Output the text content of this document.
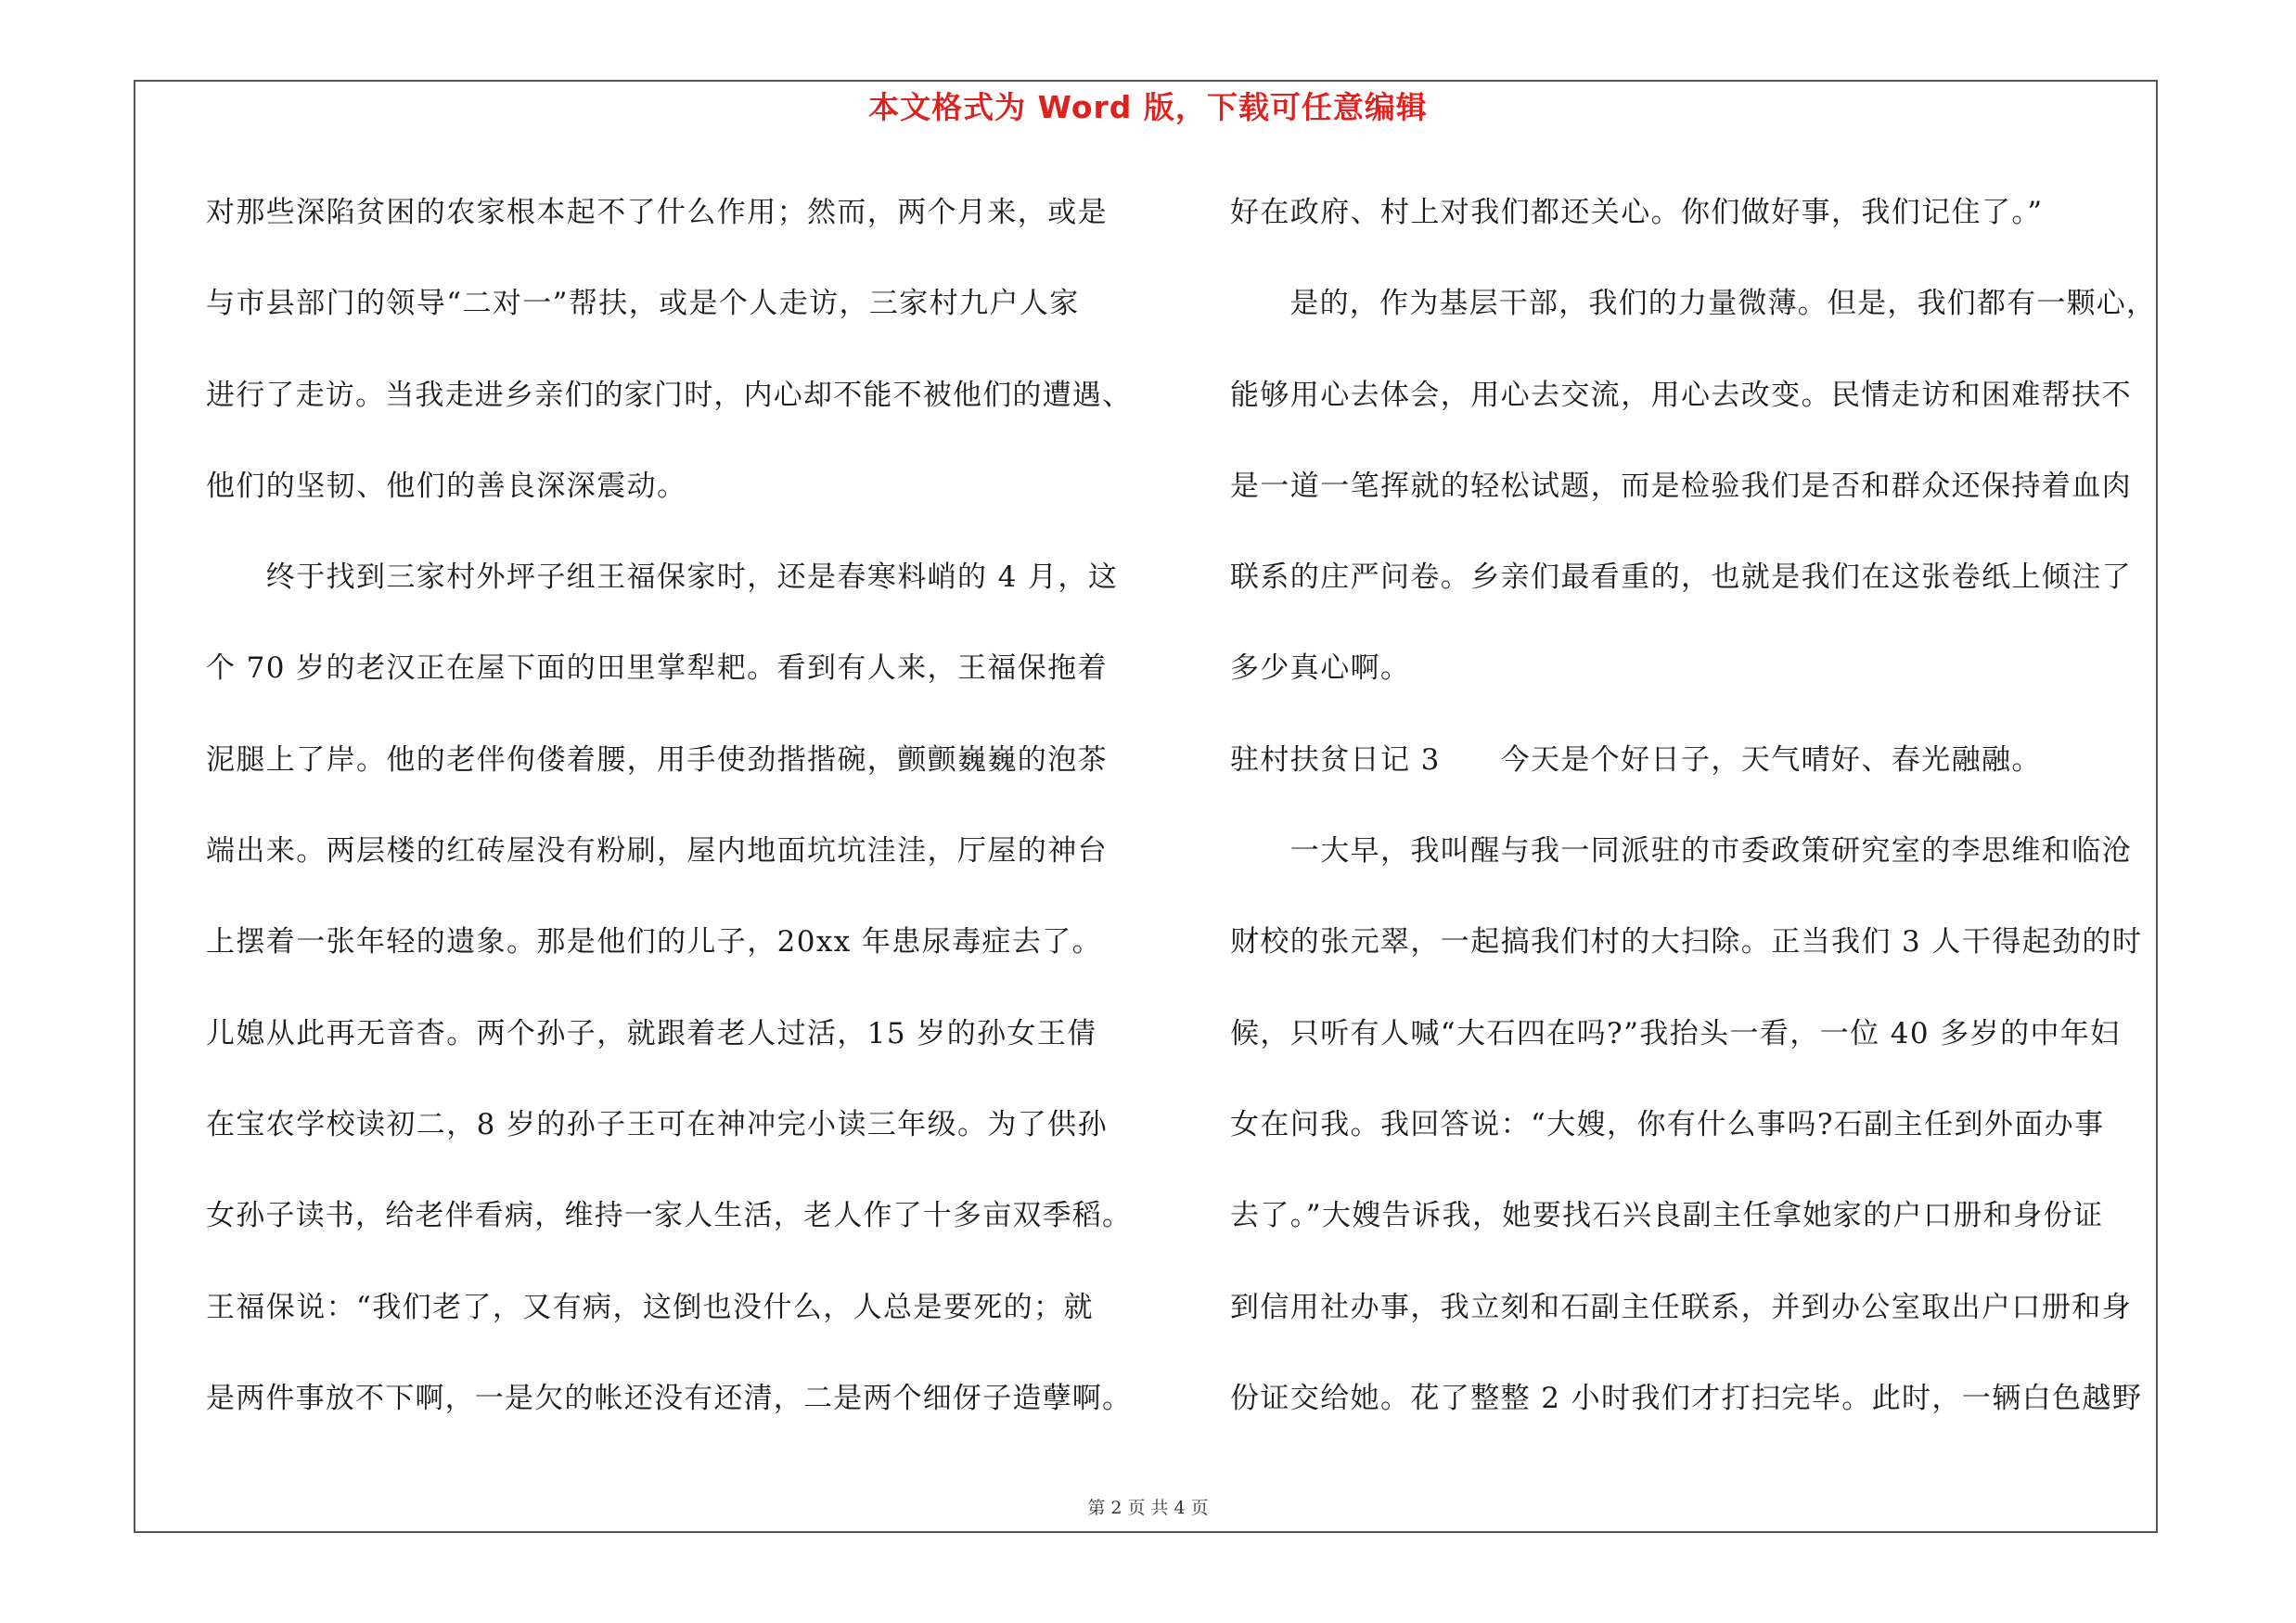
本文格式为 Word 版，下载可任意编辑
对那些深陷贫困的农家根本起不了什么作用；然而，两个月来，或是
与市县部门的领导“二对一”帮扶，或是个人走访，三家村九户人家
进行了走访。当我走进乡亲们的家门时，内心却不能不被他们的遭遇、
他们的坚韧、他们的善良深深震动。
　　终于找到三家村外坪子组王福保家时，还是春寒料峭的 4 月，这
个 70 岁的老汉正在屋下面的田里掌犁耙。看到有人来，王福保拖着
泥腿上了岸。他的老伴佝偻着腰，用手使劲揩揩碗，颤颤巍巍的泡茶
端出来。两层楼的红砖屋没有粉刷，屋内地面坑坑洼洼，厅屋的神台
上摆着一张年轻的遗象。那是他们的儿子，20xx 年患尿毒症去了。
儿媳从此再无音杳。两个孙子，就跟着老人过活，15 岁的孙女王倩
在宝农学校读初二，8 岁的孙子王可在神冲完小读三年级。为了供孙
女孙子读书，给老伴看病，维持一家人生活，老人作了十多亩双季稻。
王福保说：“我们老了，又有病，这倒也没什么，人总是要死的；就
是两件事放不下啊，一是欠的帐还没有还清，二是两个细伢子造孽啊。
好在政府、村上对我们都还关心。你们做好事，我们记住了。”
　　是的，作为基层干部，我们的力量微薄。但是，我们都有一颗心，
能够用心去体会，用心去交流，用心去改变。民情走访和困难帮扶不
是一道一笔挥就的轻松试题，而是检验我们是否和群众还保持着血肉
联系的庄严问卷。乡亲们最看重的，也就是我们在这张卷纸上倾注了
多少真心啊。
驻村扶贫日记 3　　今天是个好日子，天气晴好、春光融融。
　　一大早，我叫醒与我一同派驻的市委政策研究室的李思维和临沧
财校的张元翠，一起搞我们村的大扫除。正当我们 3 人干得起劲的时
候，只听有人喊“大石四在吗?”我抬头一看，一位 40 多岁的中年妇
女在问我。我回答说：“大嫂，你有什么事吗?石副主任到外面办事
去了。”大嫂告诉我，她要找石兴良副主任拿她家的户口册和身份证
到信用社办事，我立刻和石副主任联系，并到办公室取出户口册和身
份证交给她。花了整整 2 小时我们才打扫完毕。此时，一辆白色越野
第 2 页 共 4 页
